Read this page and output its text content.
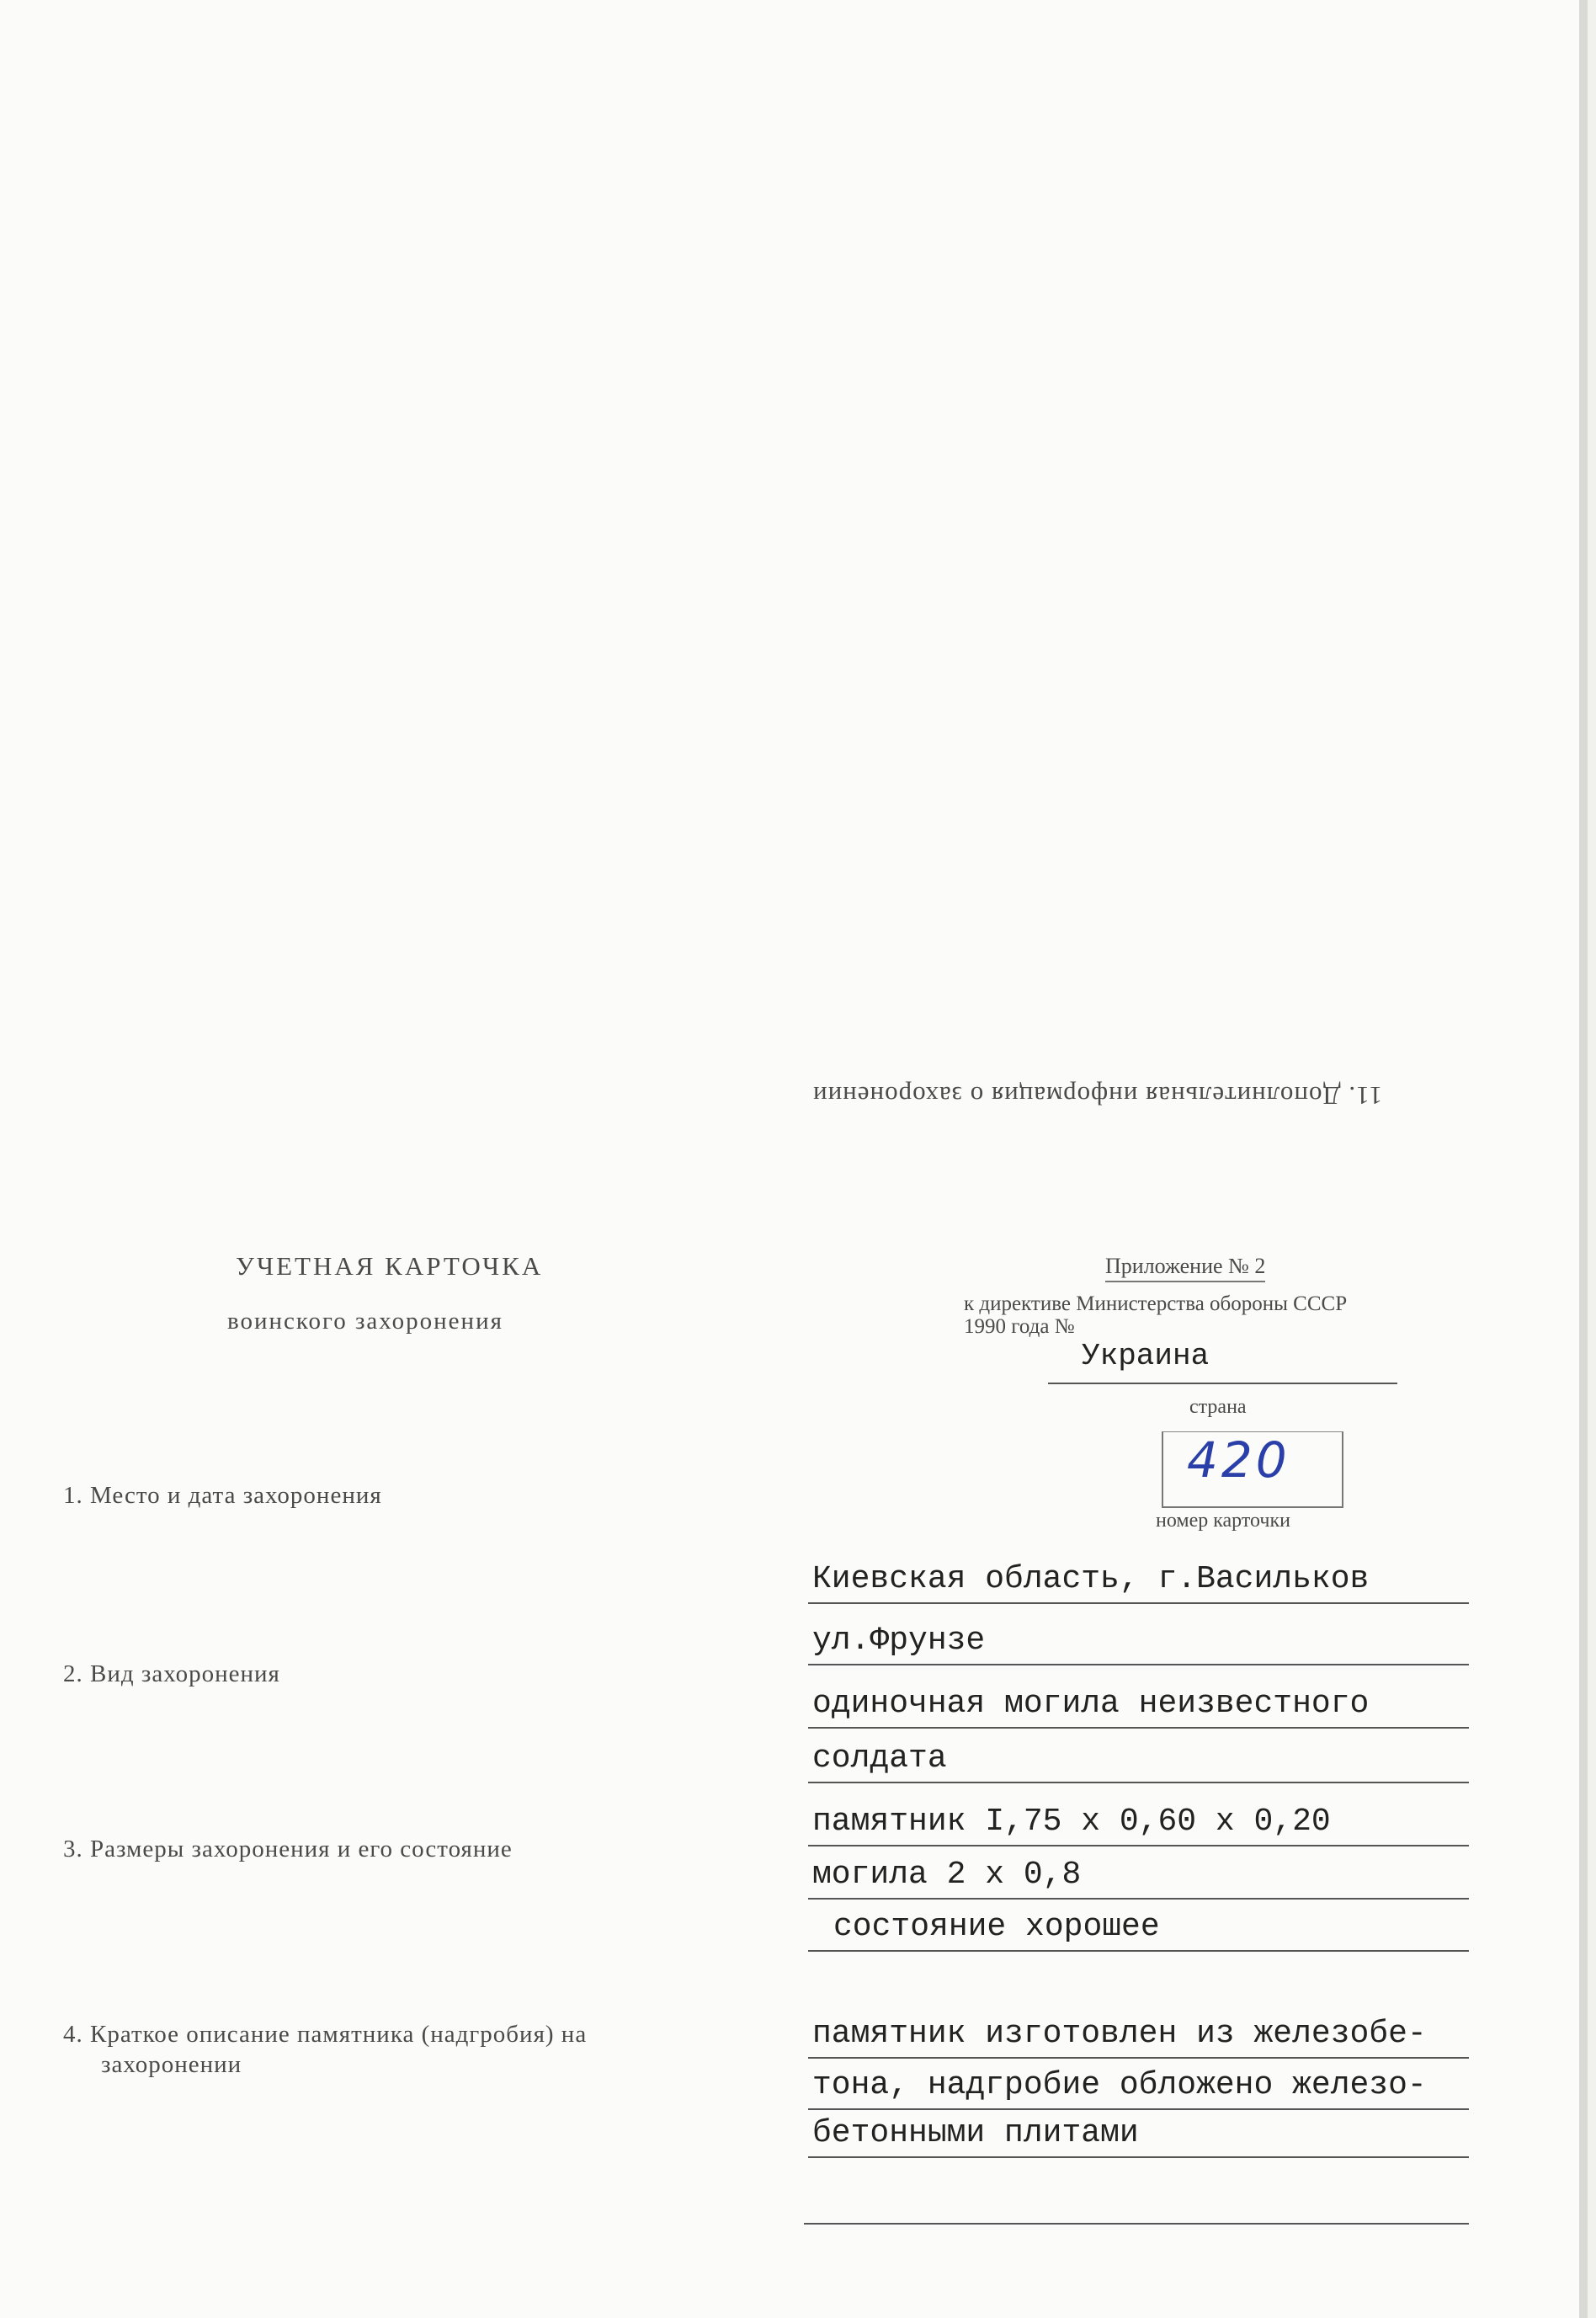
11. Дополнительная информация о захоронении
УЧЕТНАЯ КАРТОЧКА
воинского захоронения
Приложение № 2
к директиве Министерства обороны СССР
1990 года №
Украина
страна
420
номер карточки
1. Место и дата захоронения
Киевская область, г.Васильков
ул.Фрунзе
2. Вид захоронения
одиночная могила неизвестного
солдата
3. Размеры захоронения и его состояние
памятник I,75 x 0,60 x 0,20
могила 2 x 0,8
состояние хорошее
4. Краткое описание памятника (надгробия) на
захоронении
памятник изготовлен из железобе-
тона, надгробие обложено железо-
бетонными плитами
